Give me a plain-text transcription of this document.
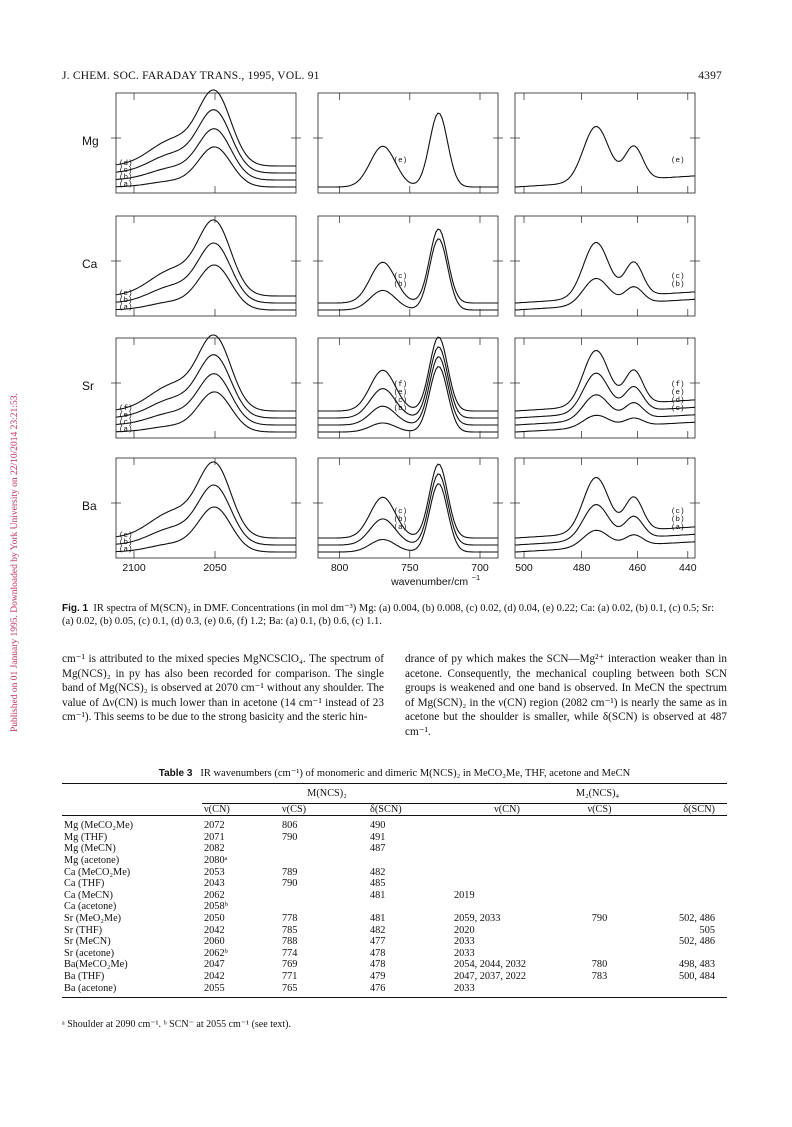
J. CHEM. SOC. FARADAY TRANS., 1995, VOL. 91	4397
Published on 01 January 1995. Downloaded by York University on 22/10/2014 23:21:53.
Mg
(a)
(b)
(c)
(d)	(e)	(e)
Ca
(a)
(b)
(c)
(b)
(c)
(b)
(c)
Sr
(a)
(c)
(e)
(f)	(b)
(c)
(e)
(f)
(c)
(d)
(e)
(f)
Ba
(a)
(b)
(c)
(a)
(b)
(c)
(a)
(b)
(c)
2100	2050	800	750	700	500	480	460	440
wavenumber/cm −1
Fig. 1 IR spectra of M(SCN)₂ in DMF. Concentrations (in mol dm⁻³) Mg: (a) 0.004, (b) 0.008, (c) 0.02, (d) 0.04, (e) 0.22; Ca: (a) 0.02, (b) 0.1, (c) 0.5; Sr: (a) 0.02, (b) 0.05, (c) 0.1, (d) 0.3, (e) 0.6, (f) 1.2; Ba: (a) 0.1, (b) 0.6, (c) 1.1.
cm⁻¹ is attributed to the mixed species MgNCSClO₄. The spectrum of Mg(NCS)₂ in py has also been recorded for comparison. The single band of Mg(NCS)₂ is observed at 2070 cm⁻¹ without any shoulder. The value of Δν(CN) is much lower than in acetone (14 cm⁻¹ instead of 23 cm⁻¹). This seems to be due to the strong basicity and the steric hin-
drance of py which makes the SCN—Mg²⁺ interaction weaker than in acetone. Consequently, the mechanical coupling between both SCN groups is weakened and one band is observed. In MeCN the spectrum of Mg(SCN)₂ in the ν(CN) region (2082 cm⁻¹) is nearly the same as in acetone but the shoulder is smaller, while δ(SCN) is observed at 487 cm⁻¹.
Table 3 IR wavenumbers (cm⁻¹) of monomeric and dimeric M(NCS)₂ in MeCO₂Me, THF, acetone and MeCN
	M(NCS)₂			M₂(NCS)₄		
	ν(CN)	ν(CS)	δ(SCN)	ν(CN)	ν(CS)	δ(SCN)
Mg (MeCO₂Me)	2072	806	490			
Mg (THF)	2071	790	491			
Mg (MeCN)	2082		487			
Mg (acetone)	2080ᵃ					
Ca (MeCO₂Me)	2053	789	482			
Ca (THF)	2043	790	485			
Ca (MeCN)	2062		481	2019		
Ca (acetone)	2058ᵇ					
Sr (MeO₂Me)	2050	778	481	2059, 2033	790	502, 486
Sr (THF)	2042	785	482	2020		505
Sr (MeCN)	2060	788	477	2033		502, 486
Sr (acetone)	2062ᵇ	774	478	2033		
Ba(MeCO₂Me)	2047	769	478	2054, 2044, 2032	780	498, 483
Ba (THF)	2042	771	479	2047, 2037, 2022	783	500, 484
Ba (acetone)	2055	765	476	2033		
ᵃ Shoulder at 2090 cm⁻¹. ᵇ SCN⁻ at 2055 cm⁻¹ (see text).
